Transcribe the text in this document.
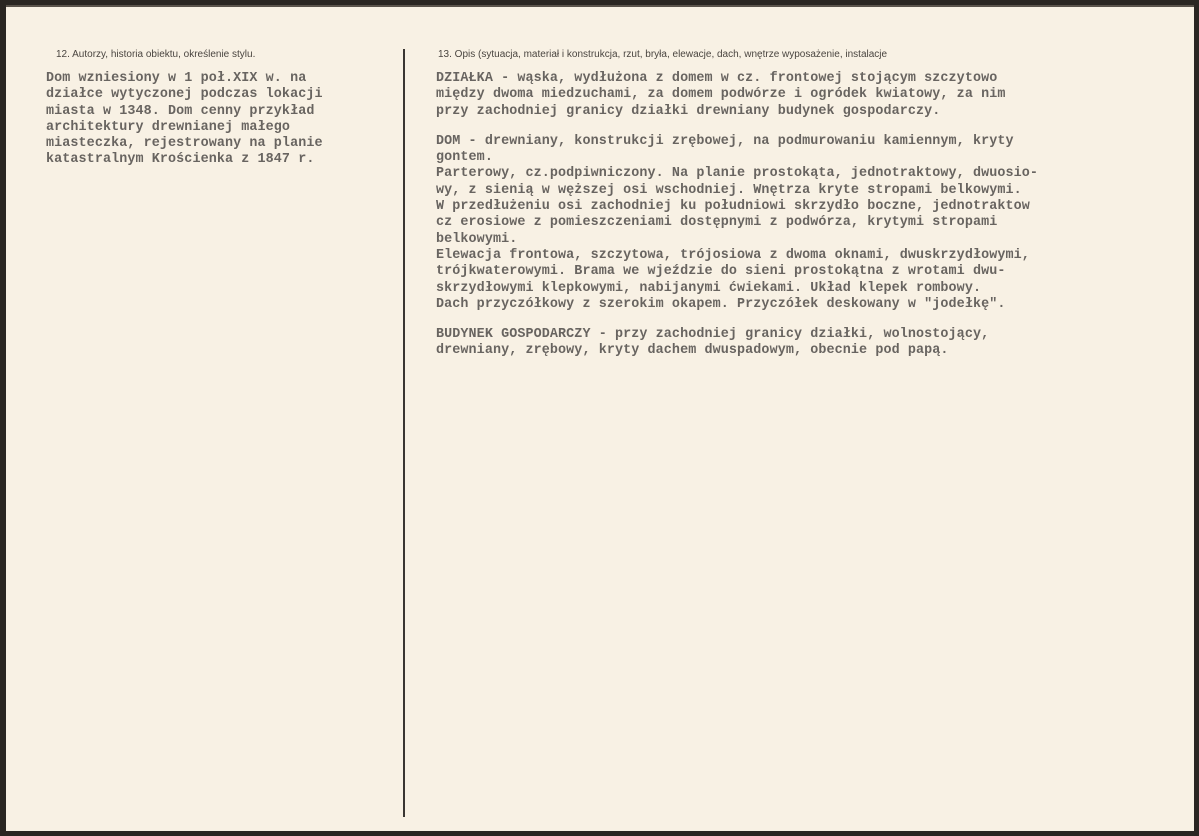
12. Autorzy, historia obiektu, określenie stylu.	13. Opis (sytuacja, materiał i konstrukcja, rzut, bryła, elewacje, dach, wnętrze wyposażenie, instalacje

Dom wzniesiony w 1 poł.XIX w. na

działce wytyczonej podczas lokacji

miasta w 1348. Dom cenny przykład

architektury drewnianej małego

miasteczka, rejestrowany na planie

katastralnym Krościenka z 1847 r.

DZIAŁKA - wąska, wydłużona z domem w cz. frontowej stojącym szczytowo

między dwoma miedzuchami, za domem podwórze i ogródek kwiatowy, za nim

przy zachodniej granicy działki drewniany budynek gospodarczy.

DOM - drewniany, konstrukcji zrębowej, na podmurowaniu kamiennym, kryty

gontem.

Parterowy, cz.podpiwniczony. Na planie prostokąta, jednotraktowy, dwuosio-

wy, z sienią w węższej osi wschodniej. Wnętrza kryte stropami belkowymi.

W przedłużeniu osi zachodniej ku południowi skrzydło boczne, jednotraktow

cz erosiowe z pomieszczeniami dostępnymi z podwórza, krytymi stropami

belkowymi.

Elewacja frontowa, szczytowa, trójosiowa z dwoma oknami, dwuskrzydłowymi,

trójkwaterowymi. Brama we wjeździe do sieni prostokątna z wrotami dwu-

skrzydłowymi klepkowymi, nabijanymi ćwiekami. Układ klepek rombowy.

Dach przyczółkowy z szerokim okapem. Przyczółek deskowany w "jodełkę".

BUDYNEK GOSPODARCZY - przy zachodniej granicy działki, wolnostojący,

drewniany, zrębowy, kryty dachem dwuspadowym, obecnie pod papą.
